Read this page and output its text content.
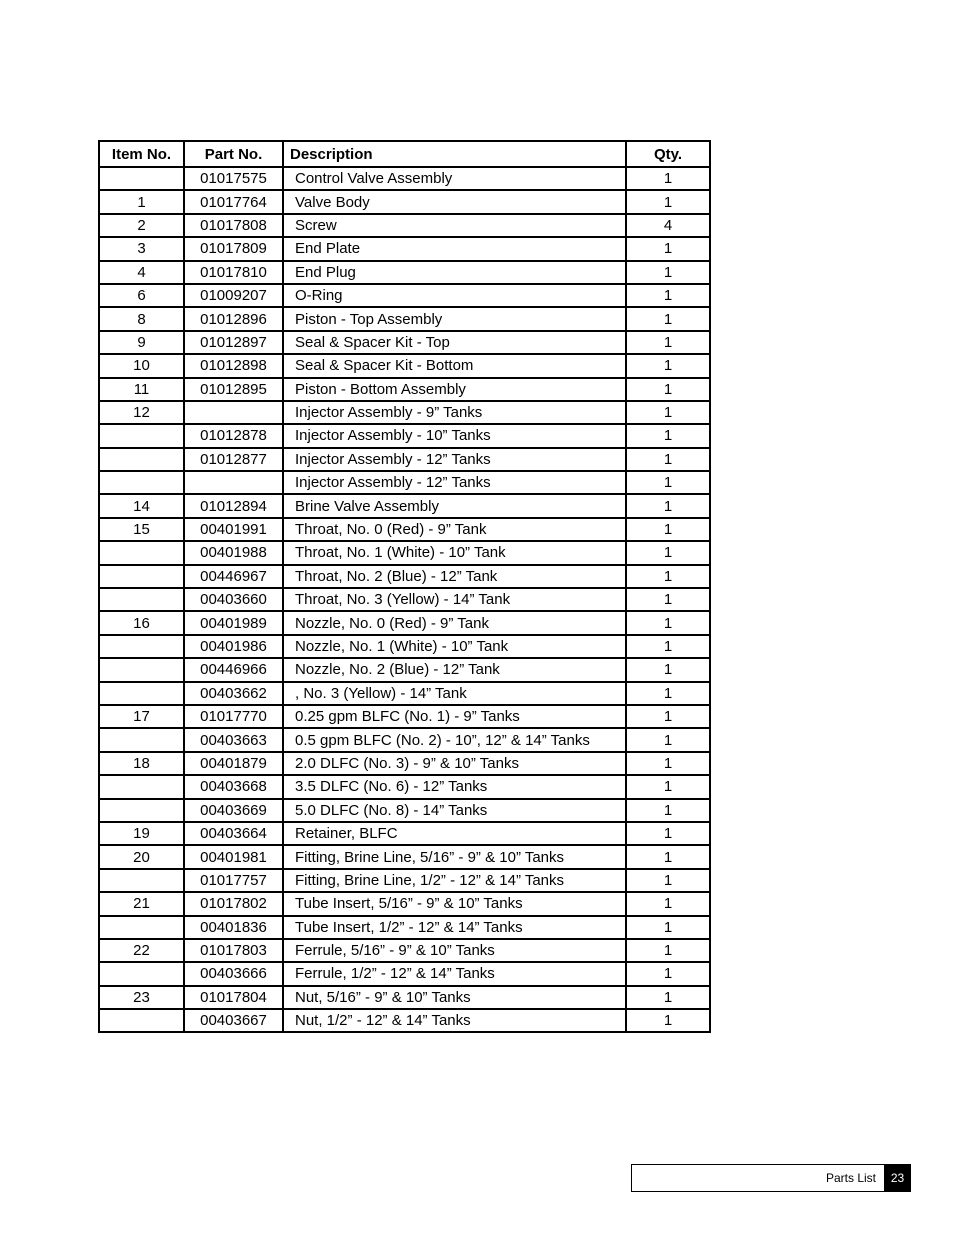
Item No.	Part No.	Description	Qty.
	01017575	Control Valve Assembly	1
1	01017764	Valve Body	1
2	01017808	Screw	4
3	01017809	End Plate	1
4	01017810	End Plug	1
6	01009207	O-Ring	1
8	01012896	Piston - Top Assembly	1
9	01012897	Seal & Spacer Kit - Top	1
10	01012898	Seal & Spacer Kit - Bottom	1
11	01012895	Piston - Bottom Assembly	1
12		Injector Assembly - 9” Tanks	1
	01012878	Injector Assembly - 10” Tanks	1
	01012877	Injector Assembly - 12” Tanks	1
		Injector Assembly - 12” Tanks	1
14	01012894	Brine Valve Assembly	1
15	00401991	Throat, No. 0 (Red) - 9” Tank	1
	00401988	Throat, No. 1 (White) - 10” Tank	1
	00446967	Throat, No. 2 (Blue) - 12” Tank	1
	00403660	Throat, No. 3 (Yellow) - 14” Tank	1
16	00401989	Nozzle, No. 0 (Red) - 9” Tank	1
	00401986	Nozzle, No. 1 (White) - 10” Tank	1
	00446966	Nozzle, No. 2 (Blue) - 12” Tank	1
	00403662	, No. 3 (Yellow) - 14” Tank	1
17	01017770	0.25 gpm BLFC (No. 1) - 9” Tanks	1
	00403663	0.5 gpm BLFC (No. 2) - 10”, 12” & 14” Tanks	1
18	00401879	2.0 DLFC (No. 3) - 9” & 10” Tanks	1
	00403668	3.5 DLFC (No. 6) - 12” Tanks	1
	00403669	5.0 DLFC (No. 8) - 14” Tanks	1
19	00403664	Retainer, BLFC	1
20	00401981	Fitting, Brine Line, 5/16” - 9” & 10” Tanks	1
	01017757	Fitting, Brine Line, 1/2” - 12” & 14” Tanks	1
21	01017802	Tube Insert, 5/16” - 9” & 10” Tanks	1
	00401836	Tube Insert, 1/2” - 12” & 14” Tanks	1
22	01017803	Ferrule, 5/16” - 9” & 10” Tanks	1
	00403666	Ferrule, 1/2” - 12” & 14” Tanks	1
23	01017804	Nut, 5/16” - 9” & 10” Tanks	1
	00403667	Nut, 1/2” - 12” & 14” Tanks	1
Parts List	23
